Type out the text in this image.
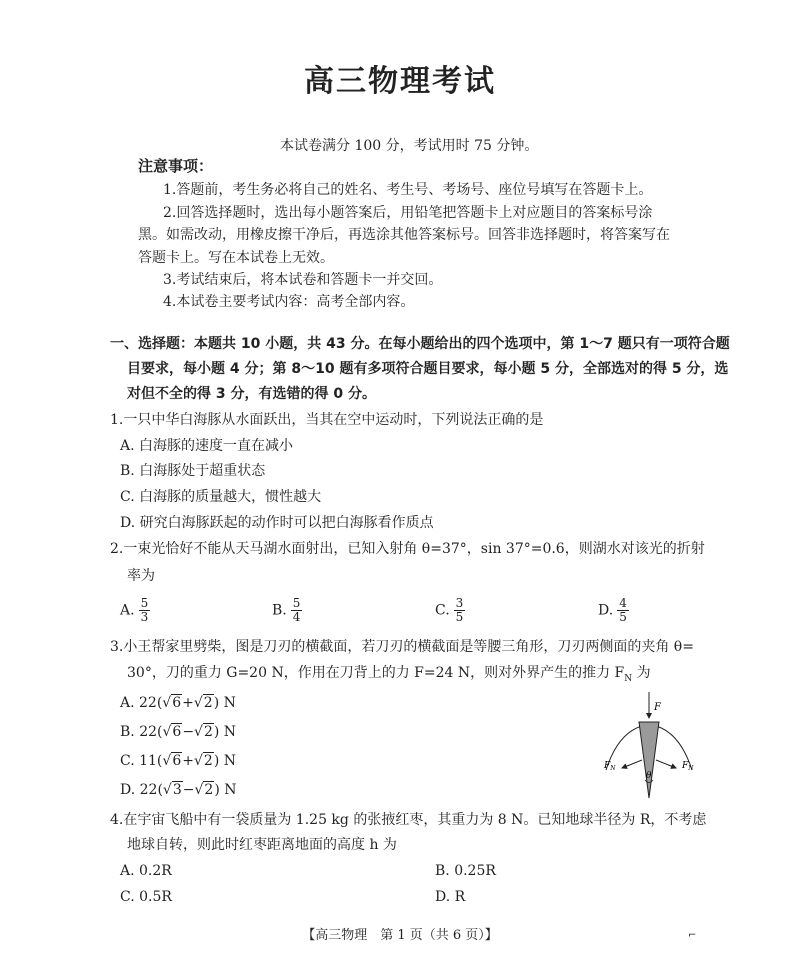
高三物理考试
本试卷满分 100 分，考试用时 75 分钟。
注意事项：
1.答题前，考生务必将自己的姓名、考生号、考场号、座位号填写在答题卡上。
2.回答选择题时，选出每小题答案后，用铅笔把答题卡上对应题目的答案标号涂
黑。如需改动，用橡皮擦干净后，再选涂其他答案标号。回答非选择题时，将答案写在
答题卡上。写在本试卷上无效。
3.考试结束后，将本试卷和答题卡一并交回。
4.本试卷主要考试内容：高考全部内容。
一、选择题：本题共 10 小题，共 43 分。在每小题给出的四个选项中，第 1～7 题只有一项符合题
目要求，每小题 4 分；第 8～10 题有多项符合题目要求，每小题 5 分，全部选对的得 5 分，选
对但不全的得 3 分，有选错的得 0 分。
1.一只中华白海豚从水面跃出，当其在空中运动时，下列说法正确的是
A. 白海豚的速度一直在减小
B. 白海豚处于超重状态
C. 白海豚的质量越大，惯性越大
D. 研究白海豚跃起的动作时可以把白海豚看作质点
2.一束光恰好不能从天马湖水面射出，已知入射角 θ=37°，sin 37°=0.6，则湖水对该光的折射
率为
A. $\frac{5}{3}$	B. $\frac{5}{4}$	C. $\frac{3}{5}$	D. $\frac{4}{5}$
3.小王帮家里劈柴，图是刀刃的横截面，若刀刃的横截面是等腰三角形，刀刃两侧面的夹角 θ=
30°，刀的重力 G=20 N，作用在刀背上的力 F=24 N，则对外界产生的推力 $F_N$ 为
A. 22(√6+√2) N
B. 22(√6−√2) N
C. 11(√6+√2) N
D. 22(√3−√2) N
F
θ
$F_N$	$F_N$
4.在宇宙飞船中有一袋质量为 1.25 kg 的张掖红枣，其重力为 8 N。已知地球半径为 R，不考虑
地球自转，则此时红枣距离地面的高度 h 为
A. 0.2R	B. 0.25R
C. 0.5R	D. R
【高三物理　第 1 页（共 6 页）】	⌐
